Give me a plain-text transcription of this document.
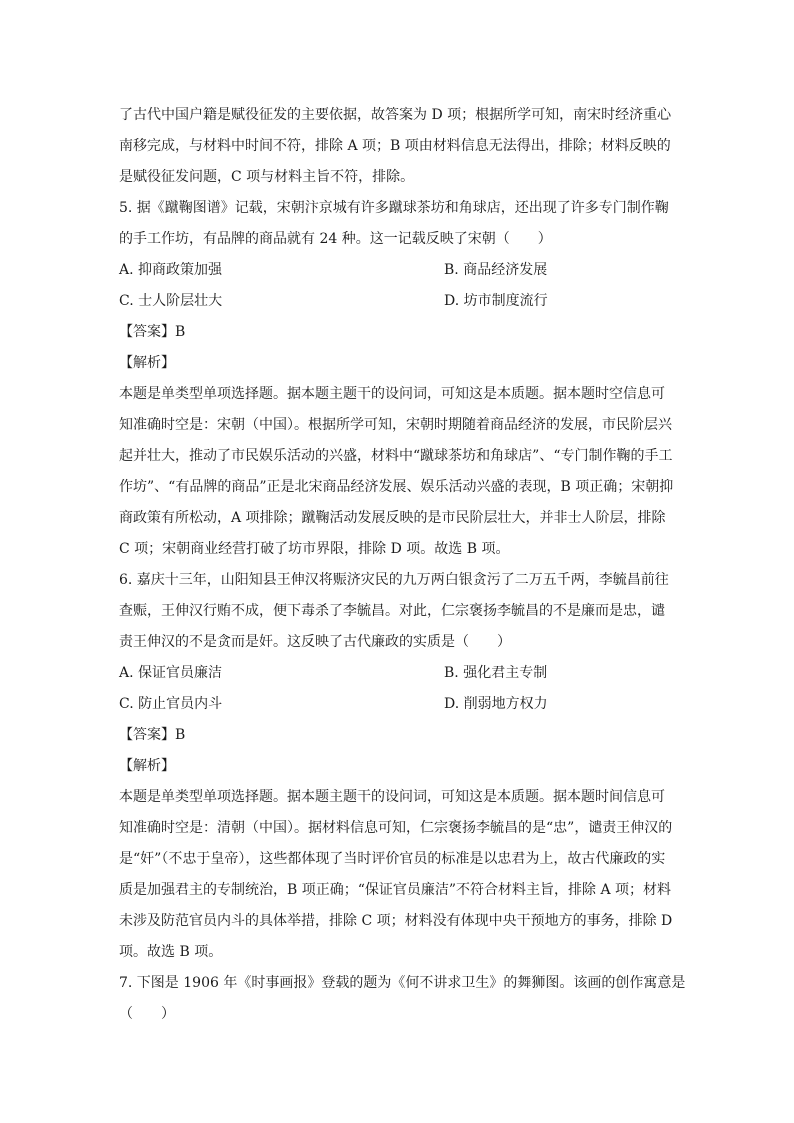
了古代中国户籍是赋役征发的主要依据，故答案为 D 项；根据所学可知，南宋时经济重心
南移完成，与材料中时间不符，排除 A 项；B 项由材料信息无法得出，排除；材料反映的
是赋役征发问题，C 项与材料主旨不符，排除。

5. 据《蹴鞠图谱》记载，宋朝汴京城有许多蹴球茶坊和角球店，还出现了许多专门制作鞠
的手工作坊，有品牌的商品就有 24 种。这一记载反映了宋朝（　　）

A. 抑商政策加强	B. 商品经济发展
C. 士人阶层壮大	D. 坊市制度流行
【答案】B
【解析】

本题是单类型单项选择题。据本题主题干的设问词，可知这是本质题。据本题时空信息可
知准确时空是：宋朝（中国）。根据所学可知，宋朝时期随着商品经济的发展，市民阶层兴
起并壮大，推动了市民娱乐活动的兴盛，材料中“蹴球茶坊和角球店”、“专门制作鞠的手工
作坊”、“有品牌的商品”正是北宋商品经济发展、娱乐活动兴盛的表现，B 项正确；宋朝抑
商政策有所松动，A 项排除；蹴鞠活动发展反映的是市民阶层壮大，并非士人阶层，排除
C 项；宋朝商业经营打破了坊市界限，排除 D 项。故选 B 项。

6. 嘉庆十三年，山阳知县王伸汉将赈济灾民的九万两白银贪污了二万五千两，李毓昌前往
查赈，王伸汉行贿不成，便下毒杀了李毓昌。对此，仁宗褒扬李毓昌的不是廉而是忠，谴
责王伸汉的不是贪而是奸。这反映了古代廉政的实质是（　　）

A. 保证官员廉洁	B. 强化君主专制
C. 防止官员内斗	D. 削弱地方权力
【答案】B
【解析】

本题是单类型单项选择题。据本题主题干的设问词，可知这是本质题。据本题时间信息可
知准确时空是：清朝（中国）。据材料信息可知，仁宗褒扬李毓昌的是“忠”，谴责王伸汉的
是“奸”（不忠于皇帝），这些都体现了当时评价官员的标准是以忠君为上，故古代廉政的实
质是加强君主的专制统治，B 项正确；“保证官员廉洁”不符合材料主旨，排除 A 项；材料
未涉及防范官员内斗的具体举措，排除 C 项；材料没有体现中央干预地方的事务，排除 D
项。故选 B 项。

7. 下图是 1906 年《时事画报》登载的题为《何不讲求卫生》的舞狮图。该画的创作寓意是
（　　）
